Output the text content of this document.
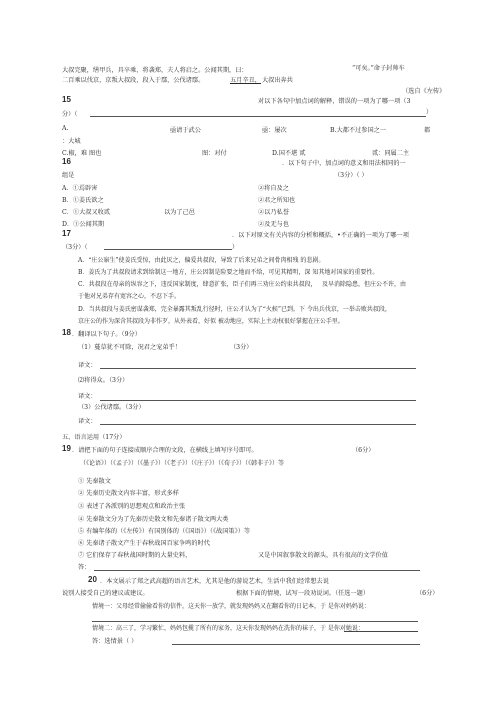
大叔完聚，缮甲兵，具卒乘，将袭郑，夫人将启之。公闻其期，曰：	“可矣。”命子封帅车
二百乘以伐京，京叛大叔段，段入于鄢，公伐诸鄢。	五月辛丑， 大叔出奔共
（选自《左传》
15	对以下各句中加点词的解释，错误的一项为了哪一项（3
分）（	）
A.	亟请于武公	亟：屡次	B.大都不过参国之一	都
：大城
C.椒，难 图也	图：对付	D.国不堪 贰	贰：同属二主
16	．以下句子中，加点词的意义和用法相同的一
组是	（3分）（ ）
A．①焉辟害	②将自及之
B．①姜氏欲之	②君之所知也
C．①大叔又收贰	以为了己邑	②以乃私誉
D．①公闻其期	②及无与也
17	．以下对原文有关内容的分析和概括，•不正确的一项为了哪一项
（3分）（	）
A．“庄公寤生”使姜氏受惊，由此厌之，偏爱共叔段，导致了后来兄弟之间骨肉相残 的悲剧。
B．姜氏为了共叔段请求到给制这一地方，庄公因制是险要之地而不给，可见其精明，深 知其地对国家的重要性。
C．共叔段在母亲的纵容之下，违反国家制度，肆意扩张，臣子们再三劝庄公约束共叔段， 及早消除隐患，但庄公不许，由
于他对兄弟存有宽容之心，不忍下手。
D．当共叔段与姜氏密谋袭郑，完全暴露其叛乱行径时，庄公才认为了“火候”已到。下 令出兵伐京，一举击败共叔段，
京庄公的作为深含其叔段为非作歹，从外表看，好似 被动地应，实际上主动权很好掌握在庄公手里。
18 ．翻译以下句子。（9分）
（1）蔓草犹不可除，况君之宠弟乎！	（3分）
译文：
⑵将得众。（3分）
译文：
（3）公伐诸鄢。（3分）
译文：
五、语言运用（17分）
19 ．请把下面的句子连接成顺序合理的文段，在横线上填写序号即可。	（6分）
（《论语》）（《孟子》）（《墨子》）（《老子》）（《庄子》）（《荀子》）（《韩非子》）等
① 先秦散文
② 先秦历史散文内容丰富，形式多样
③ 表述了各派别的思想观点和政治主张
④ 先秦散文分为了先秦历史散文和先秦诸子散文两大类
⑤ 有编年体的（《左传》）有国别体的（《国语》）（《战国策》）等
⑥ 先秦诸子散文产生于春秋战国百家争鸣的时代
⑦ 它们保存了春秋战国时期的大量史料，	又是中国叙事散文的源头，具有很高的文学价值
答：
20 ．本文展示了郑之武高超的语言艺术，尤其是他的游说艺术，生活中我们经常想去说
说别人接受自己的建议或建议。	根据下面的情境，试写一段劝说词。（任选一题）	（6分）
情境一：父母经常偷偷看你的信件，这天你一放学，就发现妈妈又在翻看你的日记本，于 是你对妈妈说：
情境二：高三了，学习繁忙，妈妈包揽了所有的家务，这天你发现妈妈在洗你的袜子，于 是你对她说：
答：选情景（ ）
